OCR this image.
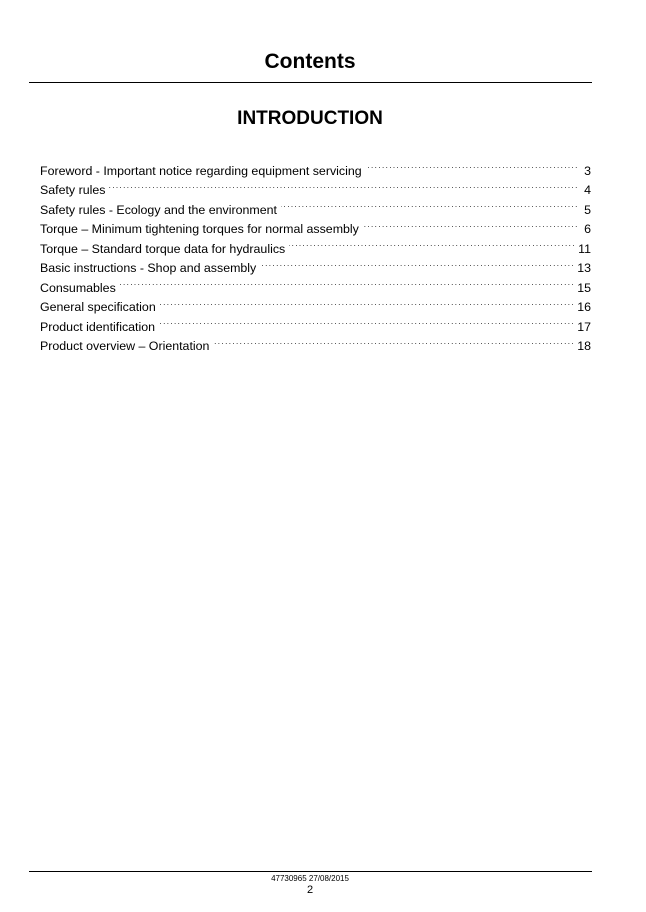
Contents
INTRODUCTION
Foreword - Important notice regarding equipment servicing . . .	3
Safety rules . . .	4
Safety rules - Ecology and the environment . . .	5
Torque – Minimum tightening torques for normal assembly . . .	6
Torque – Standard torque data for hydraulics . . .	11
Basic instructions - Shop and assembly . . .	13
Consumables . . .	15
General specification . . .	16
Product identification . . .	17
Product overview – Orientation . . .	18
47730965 27/08/2015
2
